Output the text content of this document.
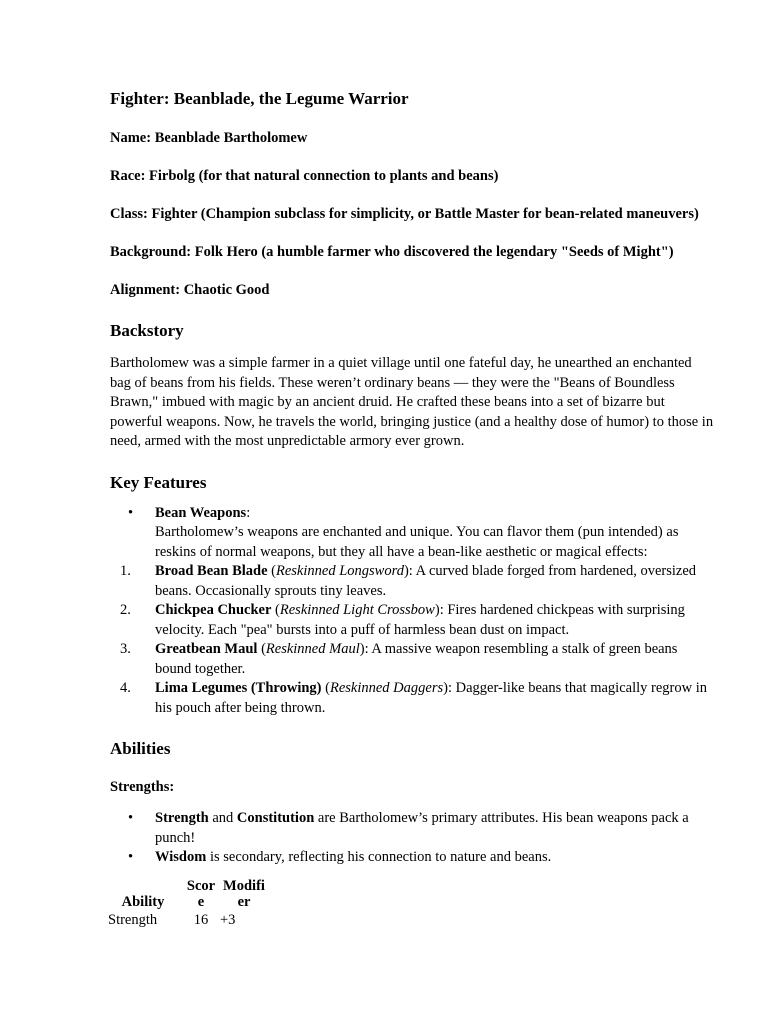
Fighter: Beanblade, the Legume Warrior

Name: Beanblade Bartholomew

Race: Firbolg (for that natural connection to plants and beans)

Class: Fighter (Champion subclass for simplicity, or Battle Master for bean-related maneuvers)

Background: Folk Hero (a humble farmer who discovered the legendary "Seeds of Might")

Alignment: Chaotic Good

Backstory

Bartholomew was a simple farmer in a quiet village until one fateful day, he unearthed an enchanted bag of beans from his fields. These weren’t ordinary beans — they were the "Beans of Boundless Brawn," imbued with magic by an ancient druid. He crafted these beans into a set of bizarre but powerful weapons. Now, he travels the world, bringing justice (and a healthy dose of humor) to those in need, armed with the most unpredictable armory ever grown.

Key Features

• Bean Weapons:
Bartholomew’s weapons are enchanted and unique. You can flavor them (pun intended) as reskins of normal weapons, but they all have a bean-like aesthetic or magical effects:
1. Broad Bean Blade (Reskinned Longsword): A curved blade forged from hardened, oversized beans. Occasionally sprouts tiny leaves.
2. Chickpea Chucker (Reskinned Light Crossbow): Fires hardened chickpeas with surprising velocity. Each "pea" bursts into a puff of harmless bean dust on impact.
3. Greatbean Maul (Reskinned Maul): A massive weapon resembling a stalk of green beans bound together.
4. Lima Legumes (Throwing) (Reskinned Daggers): Dagger-like beans that magically regrow in his pouch after being thrown.

Abilities

Strengths:

• Strength and Constitution are Bartholomew’s primary attributes. His bean weapons pack a punch!
• Wisdom is secondary, reflecting his connection to nature and beans.
Ability	Score	Modifier
Strength	16	+3
